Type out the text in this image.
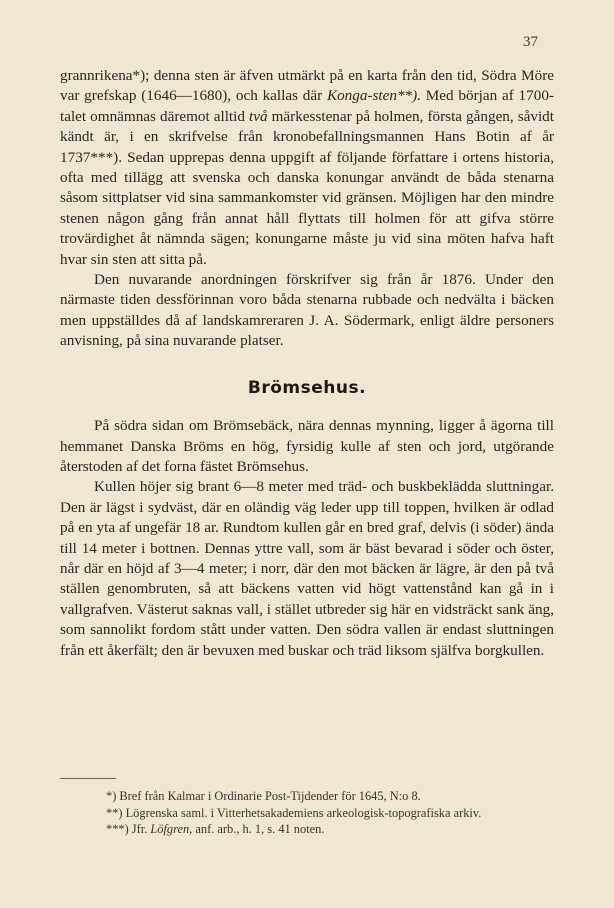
37

grannrikena*); denna sten är äfven utmärkt på en karta från den tid, Södra Möre var grefskap (1646—1680), och kallas där Konga-sten**). Med början af 1700-talet omnämnas däremot alltid två märkesstenar på holmen, första gången, såvidt kändt är, i en skrifvelse från kronobefallningsmannen Hans Botin af år 1737***). Sedan upprepas denna uppgift af följande författare i ortens historia, ofta med tillägg att svenska och danska konungar användt de båda stenarna såsom sittplatser vid sina sammankomster vid gränsen. Möjligen har den mindre stenen någon gång från annat håll flyttats till holmen för att gifva större trovärdighet åt nämnda sägen; konungarne måste ju vid sina möten hafva haft hvar sin sten att sitta på.

Den nuvarande anordningen förskrifver sig från år 1876. Under den närmaste tiden dessförinnan voro båda stenarna rubbade och nedvälta i bäcken men uppställdes då af landskamreraren J. A. Södermark, enligt äldre personers anvisning, på sina nuvarande platser.

Brömsehus.

På södra sidan om Brömsebäck, nära dennas mynning, ligger å ägorna till hemmanet Danska Bröms en hög, fyrsidig kulle af sten och jord, utgörande återstoden af det forna fästet Brömsehus.

Kullen höjer sig brant 6—8 meter med träd- och buskbeklädda sluttningar. Den är lägst i sydväst, där en oländig väg leder upp till toppen, hvilken är odlad på en yta af ungefär 18 ar. Rundtom kullen går en bred graf, delvis (i söder) ända till 14 meter i bottnen. Dennas yttre vall, som är bäst bevarad i söder och öster, når där en höjd af 3—4 meter; i norr, där den mot bäcken är lägre, är den på två ställen genombruten, så att bäckens vatten vid högt vattenstånd kan gå in i vallgrafven. Västerut saknas vall, i stället utbreder sig här en vidsträckt sank äng, som sannolikt fordom stått under vatten. Den södra vallen är endast sluttningen från ett åkerfält; den är bevuxen med buskar och träd liksom själfva borgkullen.

*) Bref från Kalmar i Ordinarie Post-Tijdender för 1645, N:o 8.

**) Lögrenska saml. i Vitterhetsakademiens arkeologisk-topografiska arkiv.

***) Jfr. Löfgren, anf. arb., h. 1, s. 41 noten.
